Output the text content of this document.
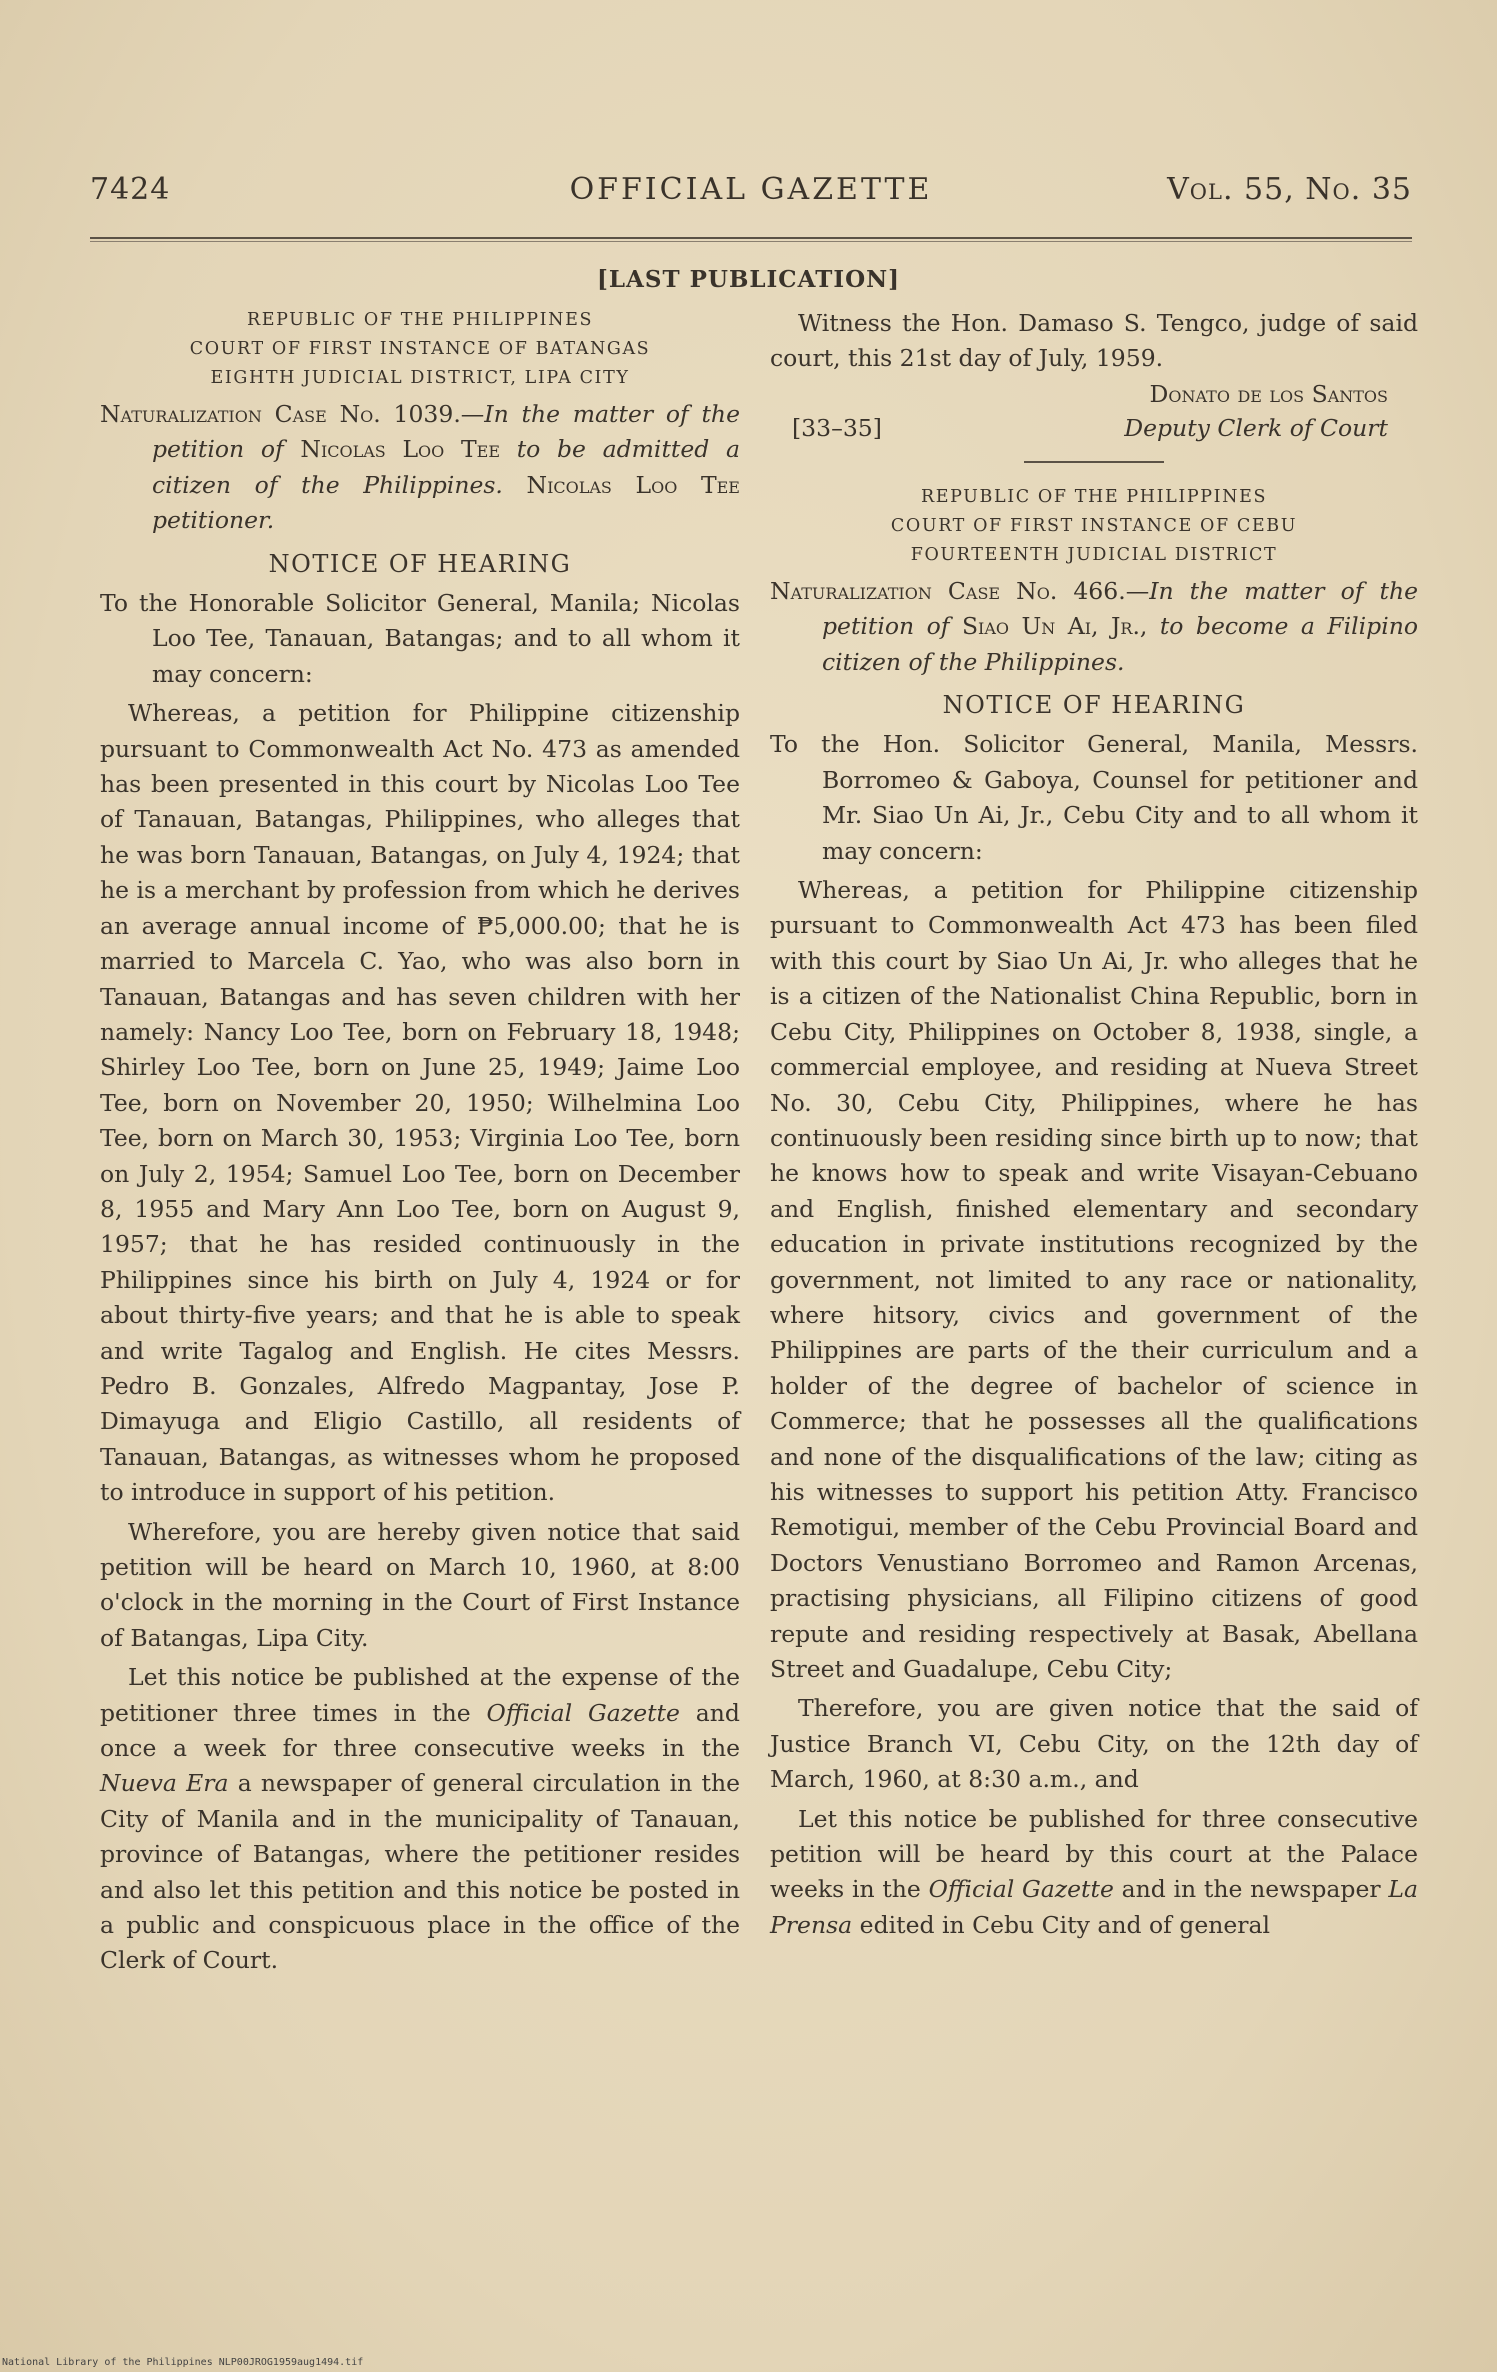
7424	OFFICIAL GAZETTE	Vol. 55, No. 35
[LAST PUBLICATION]
REPUBLIC OF THE PHILIPPINES
COURT OF FIRST INSTANCE OF BATANGAS
EIGHTH JUDICIAL DISTRICT, LIPA CITY
Naturalization Case No. 1039.—In the matter of the petition of Nicolas Loo Tee to be admitted a citizen of the Philippines. Nicolas Loo Tee petitioner.
NOTICE OF HEARING
To the Honorable Solicitor General, Manila; Nicolas Loo Tee, Tanauan, Batangas; and to all whom it may concern:
Whereas, a petition for Philippine citizenship pursuant to Commonwealth Act No. 473 as amended has been presented in this court by Nicolas Loo Tee of Tanauan, Batangas, Philippines, who alleges that he was born Tanauan, Batangas, on July 4, 1924; that he is a merchant by profession from which he derives an average annual income of ₱5,000.00; that he is married to Marcela C. Yao, who was also born in Tanauan, Batangas and has seven children with her namely: Nancy Loo Tee, born on February 18, 1948; Shirley Loo Tee, born on June 25, 1949; Jaime Loo Tee, born on November 20, 1950; Wilhelmina Loo Tee, born on March 30, 1953; Virginia Loo Tee, born on July 2, 1954; Samuel Loo Tee, born on December 8, 1955 and Mary Ann Loo Tee, born on August 9, 1957; that he has resided continuously in the Philippines since his birth on July 4, 1924 or for about thirty-five years; and that he is able to speak and write Tagalog and English. He cites Messrs. Pedro B. Gonzales, Alfredo Magpantay, Jose P. Dimayuga and Eligio Castillo, all residents of Tanauan, Batangas, as witnesses whom he proposed to introduce in support of his petition.
Wherefore, you are hereby given notice that said petition will be heard on March 10, 1960, at 8:00 o'clock in the morning in the Court of First Instance of Batangas, Lipa City.
Let this notice be published at the expense of the petitioner three times in the Official Gazette and once a week for three consecutive weeks in the Nueva Era a newspaper of general circulation in the City of Manila and in the municipality of Tanauan, province of Batangas, where the petitioner resides and also let this petition and this notice be posted in a public and conspicuous place in the office of the Clerk of Court.
Witness the Hon. Damaso S. Tengco, judge of said court, this 21st day of July, 1959.
Donato de los Santos
[33–35]	Deputy Clerk of Court
REPUBLIC OF THE PHILIPPINES
COURT OF FIRST INSTANCE OF CEBU
FOURTEENTH JUDICIAL DISTRICT
Naturalization Case No. 466.—In the matter of the petition of Siao Un Ai, Jr., to become a Filipino citizen of the Philippines.
NOTICE OF HEARING
To the Hon. Solicitor General, Manila, Messrs. Borromeo & Gaboya, Counsel for petitioner and Mr. Siao Un Ai, Jr., Cebu City and to all whom it may concern:
Whereas, a petition for Philippine citizenship pursuant to Commonwealth Act 473 has been filed with this court by Siao Un Ai, Jr. who alleges that he is a citizen of the Nationalist China Republic, born in Cebu City, Philippines on October 8, 1938, single, a commercial employee, and residing at Nueva Street No. 30, Cebu City, Philippines, where he has continuously been residing since birth up to now; that he knows how to speak and write Visayan-Cebuano and English, finished elementary and secondary education in private institutions recognized by the government, not limited to any race or nationality, where hitsory, civics and government of the Philippines are parts of the their curriculum and a holder of the degree of bachelor of science in Commerce; that he possesses all the qualifications and none of the disqualifications of the law; citing as his witnesses to support his petition Atty. Francisco Remotigui, member of the Cebu Provincial Board and Doctors Venustiano Borromeo and Ramon Arcenas, practising physicians, all Filipino citizens of good repute and residing respectively at Basak, Abellana Street and Guadalupe, Cebu City;
Therefore, you are given notice that the said of Justice Branch VI, Cebu City, on the 12th day of March, 1960, at 8:30 a.m., and
Let this notice be published for three consecutive petition will be heard by this court at the Palace weeks in the Official Gazette and in the newspaper La Prensa edited in Cebu City and of general
National Library of the Philippines NLP00JROG1959aug1494.tif
